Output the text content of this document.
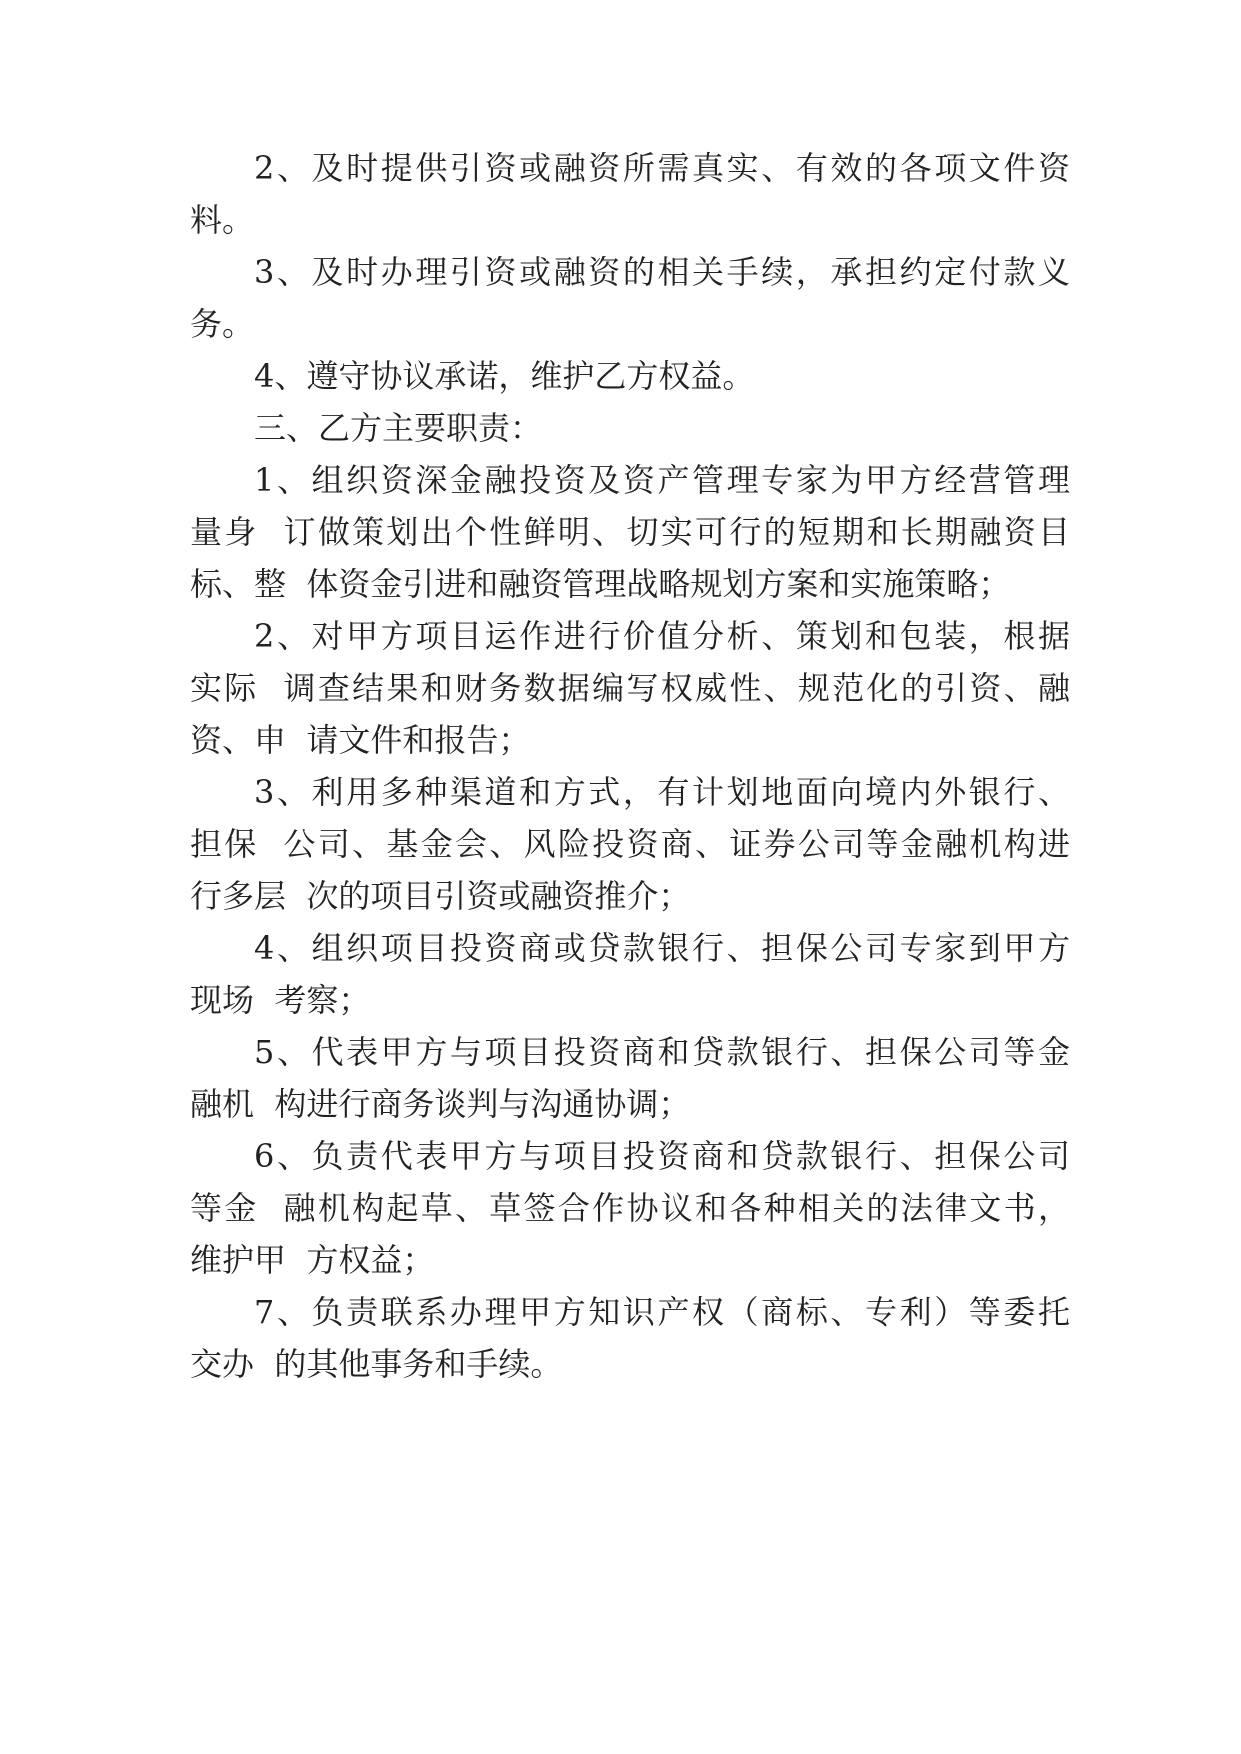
2、及时提供引资或融资所需真实、有效的各项文件资
料。
3、及时办理引资或融资的相关手续，承担约定付款义
务。
4、遵守协议承诺，维护乙方权益。
三、乙方主要职责：
1、组织资深金融投资及资产管理专家为甲方经营管理
量身  订做策划出个性鲜明、切实可行的短期和长期融资目
标、整  体资金引进和融资管理战略规划方案和实施策略；
2、对甲方项目运作进行价值分析、策划和包装，根据
实际  调查结果和财务数据编写权威性、规范化的引资、融
资、申  请文件和报告；
3、利用多种渠道和方式，有计划地面向境内外银行、
担保  公司、基金会、风险投资商、证券公司等金融机构进
行多层  次的项目引资或融资推介；
4、组织项目投资商或贷款银行、担保公司专家到甲方
现场  考察；
5、代表甲方与项目投资商和贷款银行、担保公司等金
融机  构进行商务谈判与沟通协调；
6、负责代表甲方与项目投资商和贷款银行、担保公司
等金  融机构起草、草签合作协议和各种相关的法律文书，
维护甲  方权益；
7、负责联系办理甲方知识产权（商标、专利）等委托
交办  的其他事务和手续。
